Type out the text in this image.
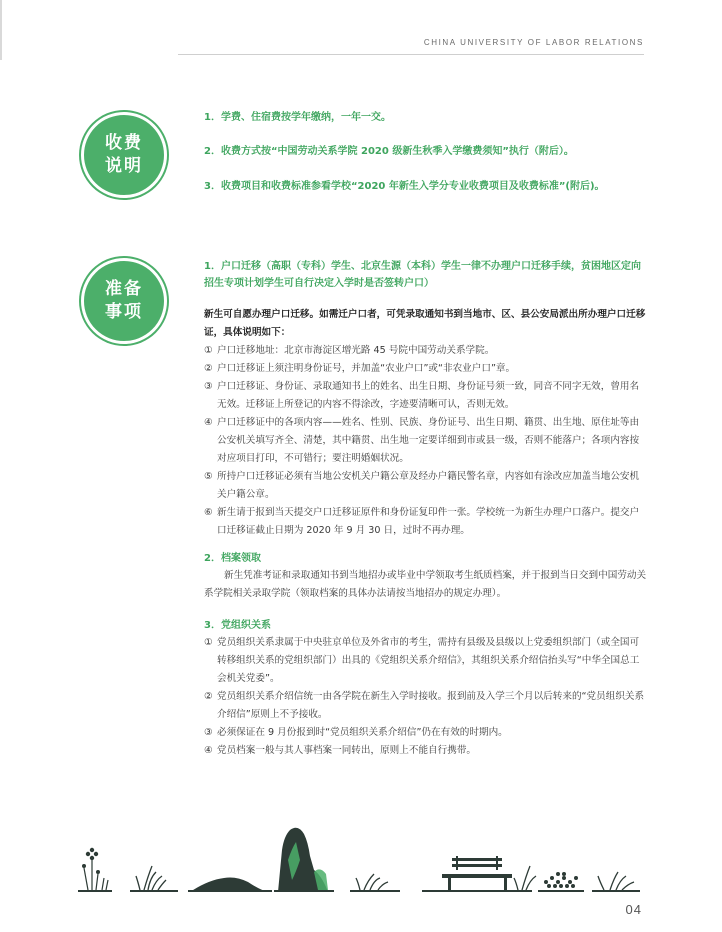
CHINA UNIVERSITY OF LABOR RELATIONS
收费
说明
1．学费、住宿费按学年缴纳，一年一交。
2．收费方式按“中国劳动关系学院 2020 级新生秋季入学缴费须知”执行（附后）。
3．收费项目和收费标准参看学校“2020 年新生入学分专业收费项目及收费标准”(附后)。
准备
事项
1．户口迁移（高职（专科）学生、北京生源（本科）学生一律不办理户口迁移手续，贫困地区定向招生专项计划学生可自行决定入学时是否签转户口）
新生可自愿办理户口迁移。如需迁户口者，可凭录取通知书到当地市、区、县公安局派出所办理户口迁移证，具体说明如下：
① 户口迁移地址：北京市海淀区增光路 45 号院中国劳动关系学院。
② 户口迁移证上须注明身份证号，并加盖“农业户口”或“非农业户口”章。
③ 户口迁移证、身份证、录取通知书上的姓名、出生日期、身份证号须一致，同音不同字无效，曾用名无效。迁移证上所登记的内容不得涂改，字迹要清晰可认，否则无效。
④ 户口迁移证中的各项内容——姓名、性别、民族、身份证号、出生日期、籍贯、出生地、原住址等由公安机关填写齐全、清楚，其中籍贯、出生地一定要详细到市或县一级，否则不能落户；各项内容按对应项目打印，不可错行；要注明婚姻状况。
⑤ 所持户口迁移证必须有当地公安机关户籍公章及经办户籍民警名章，内容如有涂改应加盖当地公安机关户籍公章。
⑥ 新生请于报到当天提交户口迁移证原件和身份证复印件一张。学校统一为新生办理户口落户。提交户口迁移证截止日期为 2020 年 9 月 30 日，过时不再办理。
2．档案领取
新生凭准考证和录取通知书到当地招办或毕业中学领取考生纸质档案，并于报到当日交到中国劳动关系学院相关录取学院（领取档案的具体办法请按当地招办的规定办理）。
3．党组织关系
① 党员组织关系隶属于中央驻京单位及外省市的考生，需持有县级及县级以上党委组织部门（或全国可转移组织关系的党组织部门）出具的《党组织关系介绍信》，其组织关系介绍信抬头写“中华全国总工会机关党委”。
② 党员组织关系介绍信统一由各学院在新生入学时接收。报到前及入学三个月以后转来的“党员组织关系介绍信”原则上不予接收。
③ 必须保证在 9 月份报到时“党员组织关系介绍信”仍在有效的时期内。
④ 党员档案一般与其人事档案一同转出，原则上不能自行携带。
04
